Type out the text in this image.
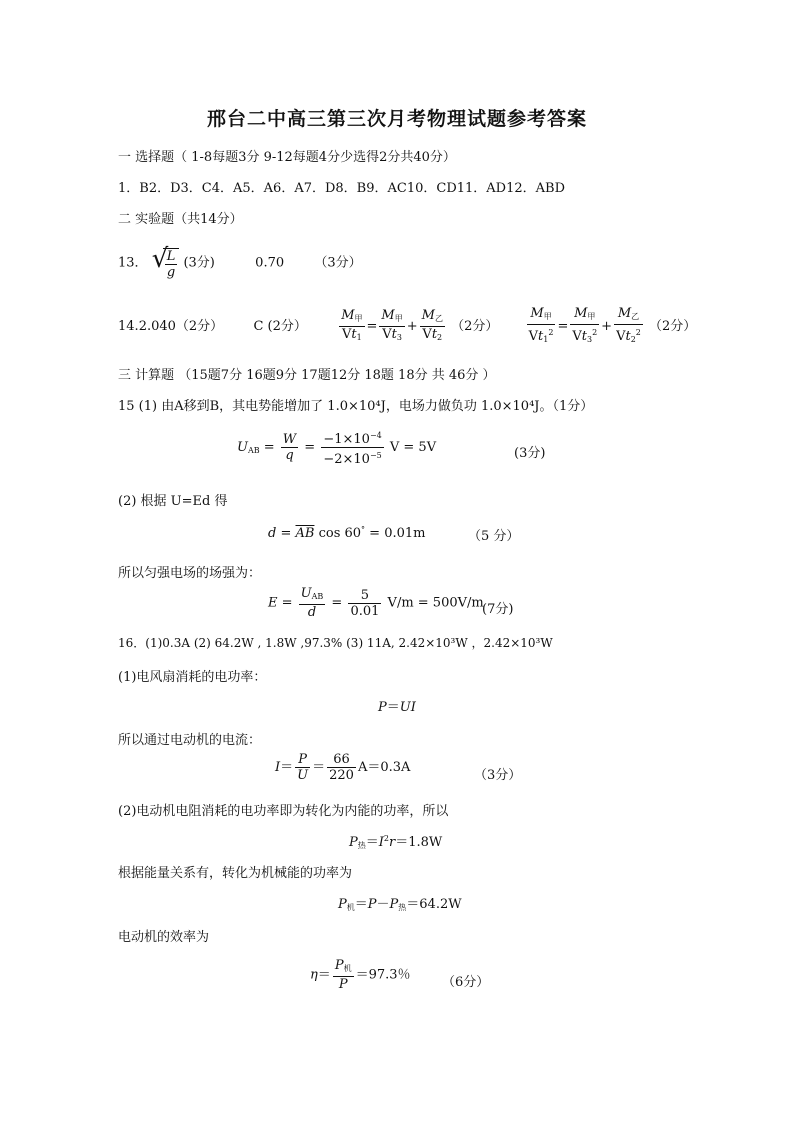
邢台二中高三第三次月考物理试题参考答案
一 选择题（ 1-8每题3分 9-12每题4分少选得2分共40分）
1．B2．D3．C4．A5．A6．A7．D8．B9．AC10．CD11．AD12．ABD
二 实验题（共14分）
13． √
$\frac{L}{g} (3$分)	0.70 （3分）
14.2.040（2分） C (2分） $\frac{M_甲}{Vt_1} = \frac{M_甲}{Vt_3} + \frac{M_乙}{Vt_2} (2$分） $\frac{M_甲}{Vt_1^2} = \frac{M_甲}{Vt_3^2} + \frac{M_乙}{Vt_2^2} (2$分）
三 计算题 （15题7分 16题9分 17题12分 18题 18分 共 46分 ）
15 (1) 由A移到B，其电势能增加了 1.0×10⁴J，电场力做负功 1.0×10⁴J。（1分）
$U_{AB} = \frac{W}{q} = \frac{-1\times 10^{-4}}{-2\times 10^{-5}}$ V = 5V	(3分)
(2) 根据 U=Ed 得
$d = \overline{AB}$ cos 60° = 0.01m	（5 分）
所以匀强电场的场强为：
$E = \frac{U_{AB}}{d} = \frac{5}{0.01} V/m = 500V/m$
(7分)
16．(1)0.3A (2) 64.2W , 1.8W ,97.3% (3) 11A, 2.42×10³W ，2.42×10³W
(1)电风扇消耗的电功率：
P＝UI
所以通过电动机的电流：
$I= \frac{P}{U} = \frac{66}{220} A=0.3A$
（3分）
(2)电动机电阻消耗的电功率即为转化为内能的功率，所以
$P_热=I^2r=1.8W$
根据能量关系有，转化为机械能的功率为
$P_机=P-P_热=64.2W$
电动机的效率为
$\eta= \frac{P_机}{P} =97.3$％ （6分）
